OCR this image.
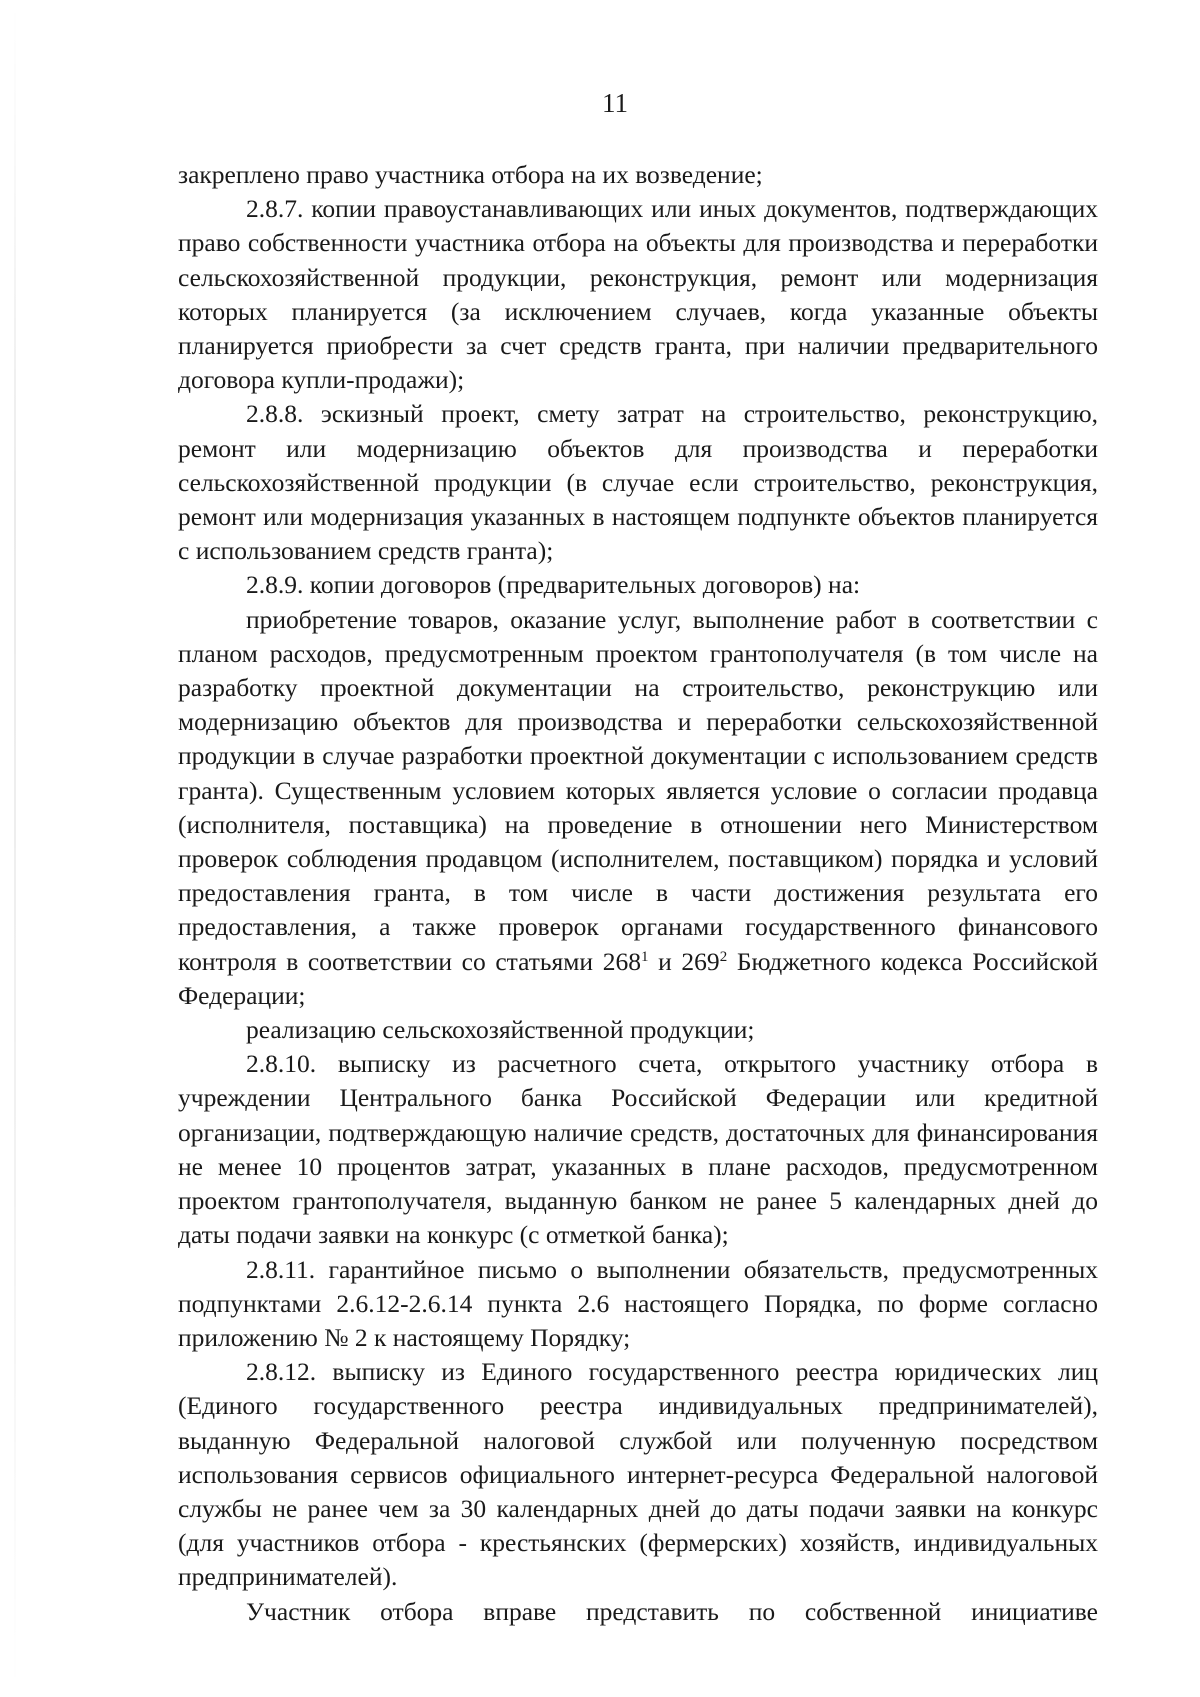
11

закреплено право участника отбора на их возведение;

2.8.7. копии правоустанавливающих или иных документов, подтверждающих право собственности участника отбора на объекты для производства и переработки сельскохозяйственной продукции, реконструкция, ремонт или модернизация которых планируется (за исключением случаев, когда указанные объекты планируется приобрести за счет средств гранта, при наличии предварительного договора купли-продажи);

2.8.8. эскизный проект, смету затрат на строительство, реконструкцию, ремонт или модернизацию объектов для производства и переработки сельскохозяйственной продукции (в случае если строительство, реконструкция, ремонт или модернизация указанных в настоящем подпункте объектов планируется с использованием средств гранта);

2.8.9. копии договоров (предварительных договоров) на:

приобретение товаров, оказание услуг, выполнение работ в соответствии с планом расходов, предусмотренным проектом грантополучателя (в том числе на разработку проектной документации на строительство, реконструкцию или модернизацию объектов для производства и переработки сельскохозяйственной продукции в случае разработки проектной документации с использованием средств гранта). Существенным условием которых является условие о согласии продавца (исполнителя, поставщика) на проведение в отношении него Министерством проверок соблюдения продавцом (исполнителем, поставщиком) порядка и условий предоставления гранта, в том числе в части достижения результата его предоставления, а также проверок органами государственного финансового контроля в соответствии со статьями $268^1$ и $269^2$ Бюджетного кодекса Российской Федерации;

реализацию сельскохозяйственной продукции;

2.8.10. выписку из расчетного счета, открытого участнику отбора в учреждении Центрального банка Российской Федерации или кредитной организации, подтверждающую наличие средств, достаточных для финансирования не менее 10 процентов затрат, указанных в плане расходов, предусмотренном проектом грантополучателя, выданную банком не ранее 5 календарных дней до даты подачи заявки на конкурс (с отметкой банка);

2.8.11. гарантийное письмо о выполнении обязательств, предусмотренных подпунктами 2.6.12-2.6.14 пункта 2.6 настоящего Порядка, по форме согласно приложению № 2 к настоящему Порядку;

2.8.12. выписку из Единого государственного реестра юридических лиц (Единого государственного реестра индивидуальных предпринимателей), выданную Федеральной налоговой службой или полученную посредством использования сервисов официального интернет-ресурса Федеральной налоговой службы не ранее чем за 30 календарных дней до даты подачи заявки на конкурс (для участников отбора - крестьянских (фермерских) хозяйств, индивидуальных предпринимателей).

Участник отбора вправе представить по собственной инициативе
